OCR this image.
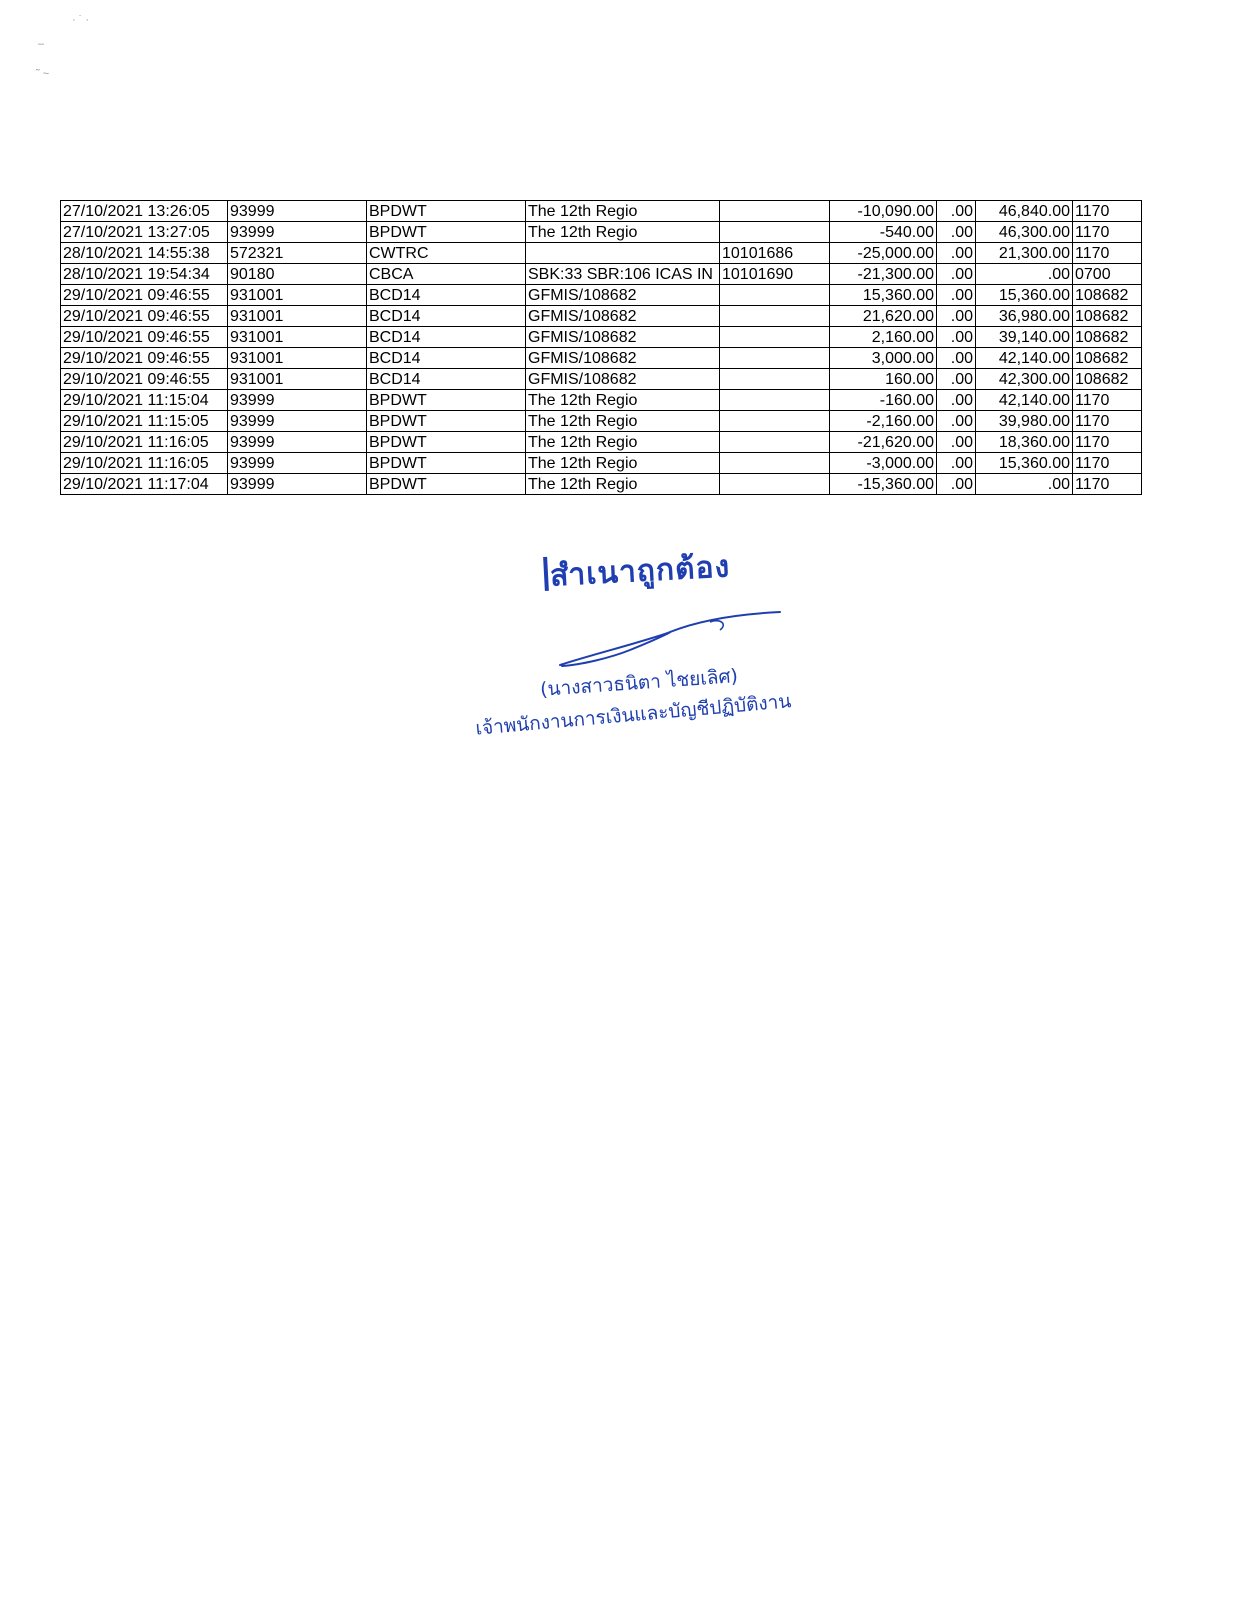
· ˙ ·
–
˜ ~
27/10/2021 13:26:05	93999	BPDWT	The 12th Regio		-10,090.00	.00	46,840.00	1170
27/10/2021 13:27:05	93999	BPDWT	The 12th Regio		-540.00	.00	46,300.00	1170
28/10/2021 14:55:38	572321	CWTRC		10101686	-25,000.00	.00	21,300.00	1170
28/10/2021 19:54:34	90180	CBCA	SBK:33 SBR:106 ICAS IN	10101690	-21,300.00	.00	.00	0700
29/10/2021 09:46:55	931001	BCD14	GFMIS/108682		15,360.00	.00	15,360.00	108682
29/10/2021 09:46:55	931001	BCD14	GFMIS/108682		21,620.00	.00	36,980.00	108682
29/10/2021 09:46:55	931001	BCD14	GFMIS/108682		2,160.00	.00	39,140.00	108682
29/10/2021 09:46:55	931001	BCD14	GFMIS/108682		3,000.00	.00	42,140.00	108682
29/10/2021 09:46:55	931001	BCD14	GFMIS/108682		160.00	.00	42,300.00	108682
29/10/2021 11:15:04	93999	BPDWT	The 12th Regio		-160.00	.00	42,140.00	1170
29/10/2021 11:15:05	93999	BPDWT	The 12th Regio		-2,160.00	.00	39,980.00	1170
29/10/2021 11:16:05	93999	BPDWT	The 12th Regio		-21,620.00	.00	18,360.00	1170
29/10/2021 11:16:05	93999	BPDWT	The 12th Regio		-3,000.00	.00	15,360.00	1170
29/10/2021 11:17:04	93999	BPDWT	The 12th Regio		-15,360.00	.00	.00	1170
สำเนาถูกต้อง
(นางสาวธนิตา ไชยเลิศ)
เจ้าพนักงานการเงินและบัญชีปฏิบัติงาน
